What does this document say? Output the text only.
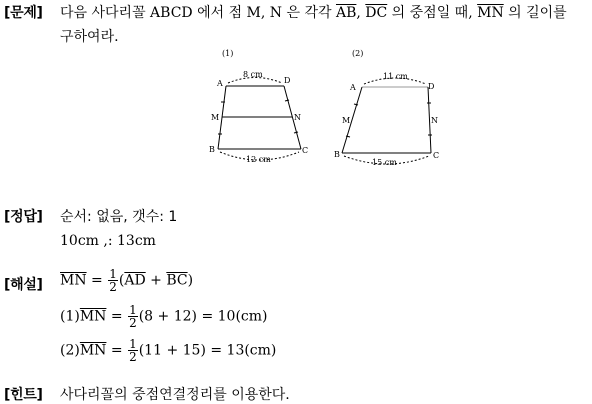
[문제] 다음 사다리꼴 ABCD 에서 점 M, N 은 각각 $\overline{AB}$, $\overline{DC}$ 의 중점일 때, $\overline{MN}$ 의 길이를
구하여라.
(1)
8 cm
12 cm
A	D
M	N
B	C
(2)
11 cm
15 cm
A	D
M	N
B	C
[정답] 순서: 없음, 갯수: 1
10cm ,: 13cm
[해설] $\overline{MN} = \frac{1}{2} (\overline{AD} + \overline{BC})$
$(1)\overline{MN} = \frac{1}{2} (8 + 12) = 10(cm)$
$(2)\overline{MN} = \frac{1}{2} (11 + 15) = 13(cm)$
[힌트] 사다리꼴의 중점연결정리를 이용한다.
